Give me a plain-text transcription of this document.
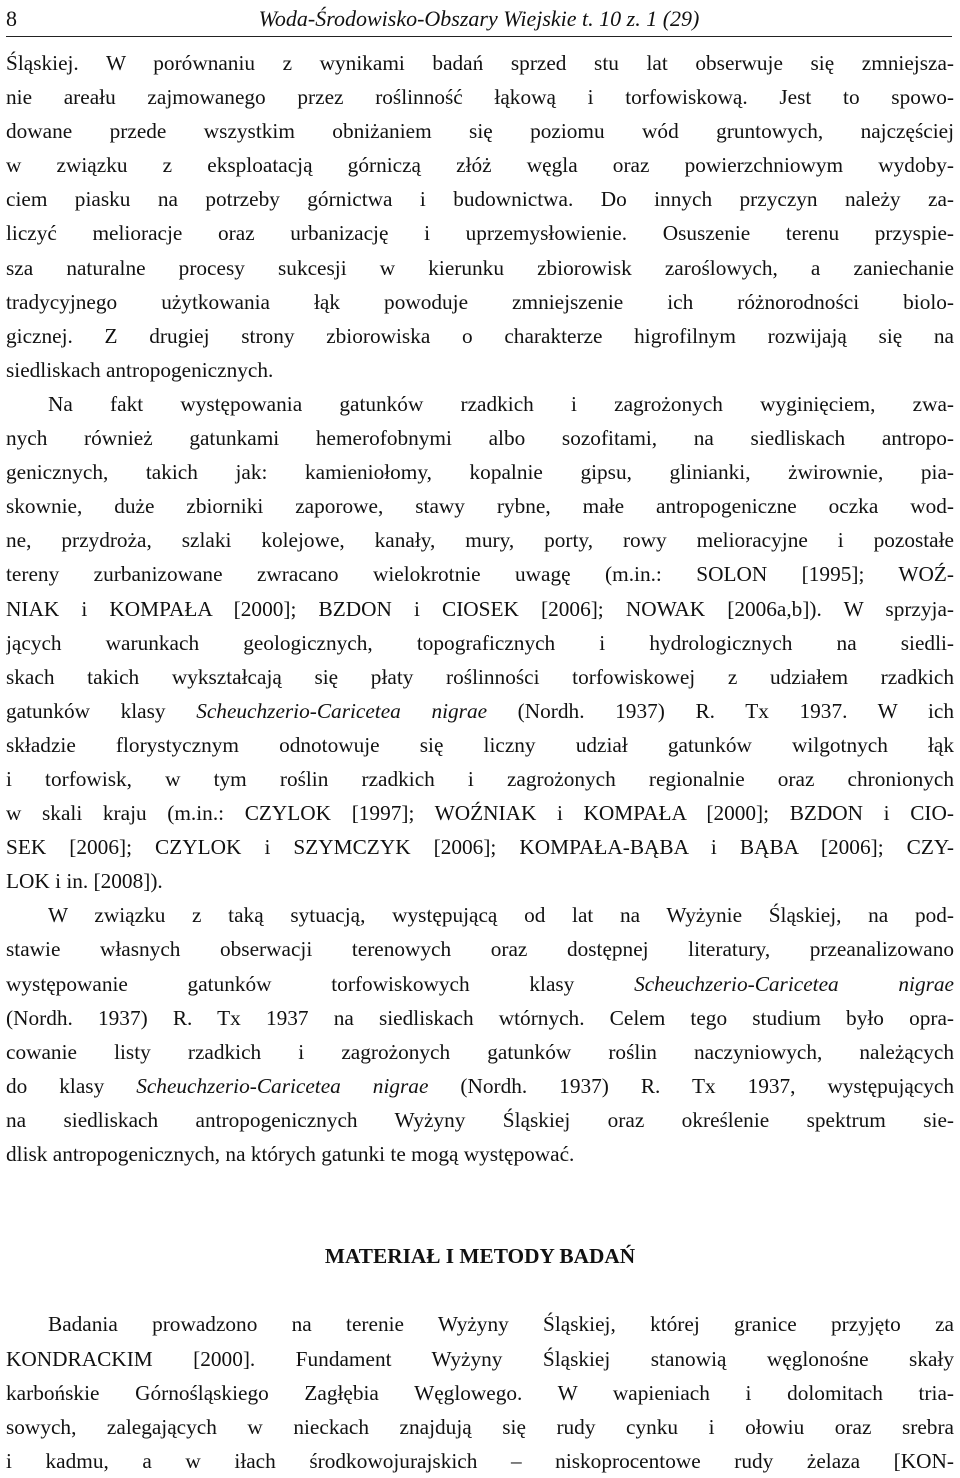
8	Woda-Środowisko-Obszary Wiejskie t. 10 z. 1 (29)
Śląskiej. W porównaniu z wynikami badań sprzed stu lat obserwuje się zmniejsza-
nie areału zajmowanego przez roślinność łąkową i torfowiskową. Jest to spowo-
dowane przede wszystkim obniżaniem się poziomu wód gruntowych, najczęściej
w związku z eksploatacją górniczą złóż węgla oraz powierzchniowym wydoby-
ciem piasku na potrzeby górnictwa i budownictwa. Do innych przyczyn należy za-
liczyć melioracje oraz urbanizację i uprzemysłowienie. Osuszenie terenu przyspie-
sza naturalne procesy sukcesji w kierunku zbiorowisk zaroślowych, a zaniechanie
tradycyjnego użytkowania łąk powoduje zmniejszenie ich różnorodności biolo-
gicznej. Z drugiej strony zbiorowiska o charakterze higrofilnym rozwijają się na
siedliskach antropogenicznych.
Na fakt występowania gatunków rzadkich i zagrożonych wyginięciem, zwa-
nych również gatunkami hemerofobnymi albo sozofitami, na siedliskach antropo-
genicznych, takich jak: kamieniołomy, kopalnie gipsu, glinianki, żwirownie, pia-
skownie, duże zbiorniki zaporowe, stawy rybne, małe antropogeniczne oczka wod-
ne, przydroża, szlaki kolejowe, kanały, mury, porty, rowy melioracyjne i pozostałe
tereny zurbanizowane zwracano wielokrotnie uwagę (m.in.: SOLON [1995]; WOŹ-
NIAK i KOMPAŁA [2000]; BZDON i CIOSEK [2006]; NOWAK [2006a,b]). W sprzyja-
jących warunkach geologicznych, topograficznych i hydrologicznych na siedli-
skach takich wykształcają się płaty roślinności torfowiskowej z udziałem rzadkich
gatunków klasy Scheuchzerio-Caricetea nigrae (Nordh. 1937) R. Tx 1937. W ich
składzie florystycznym odnotowuje się liczny udział gatunków wilgotnych łąk
i torfowisk, w tym roślin rzadkich i zagrożonych regionalnie oraz chronionych
w skali kraju (m.in.: CZYLOK [1997]; WOŹNIAK i KOMPAŁA [2000]; BZDON i CIO-
SEK [2006]; CZYLOK i SZYMCZYK [2006]; KOMPAŁA-BĄBA i BĄBA [2006]; CZY-
LOK i in. [2008]).
W związku z taką sytuacją, występującą od lat na Wyżynie Śląskiej, na pod-
stawie własnych obserwacji terenowych oraz dostępnej literatury, przeanalizowano
występowanie gatunków torfowiskowych klasy Scheuchzerio-Caricetea nigrae
(Nordh. 1937) R. Tx 1937 na siedliskach wtórnych. Celem tego studium było opra-
cowanie listy rzadkich i zagrożonych gatunków roślin naczyniowych, należących
do klasy Scheuchzerio-Caricetea nigrae (Nordh. 1937) R. Tx 1937, występujących
na siedliskach antropogenicznych Wyżyny Śląskiej oraz określenie spektrum sie-
dlisk antropogenicznych, na których gatunki te mogą występować.
MATERIAŁ I METODY BADAŃ
Badania prowadzono na terenie Wyżyny Śląskiej, której granice przyjęto za
KONDRACKIM [2000]. Fundament Wyżyny Śląskiej stanowią węglonośne skały
karbońskie Górnośląskiego Zagłębia Węglowego. W wapieniach i dolomitach tria-
sowych, zalegających w nieckach znajdują się rudy cynku i ołowiu oraz srebra
i kadmu, a w iłach środkowojurajskich – niskoprocentowe rudy żelaza [KON-
